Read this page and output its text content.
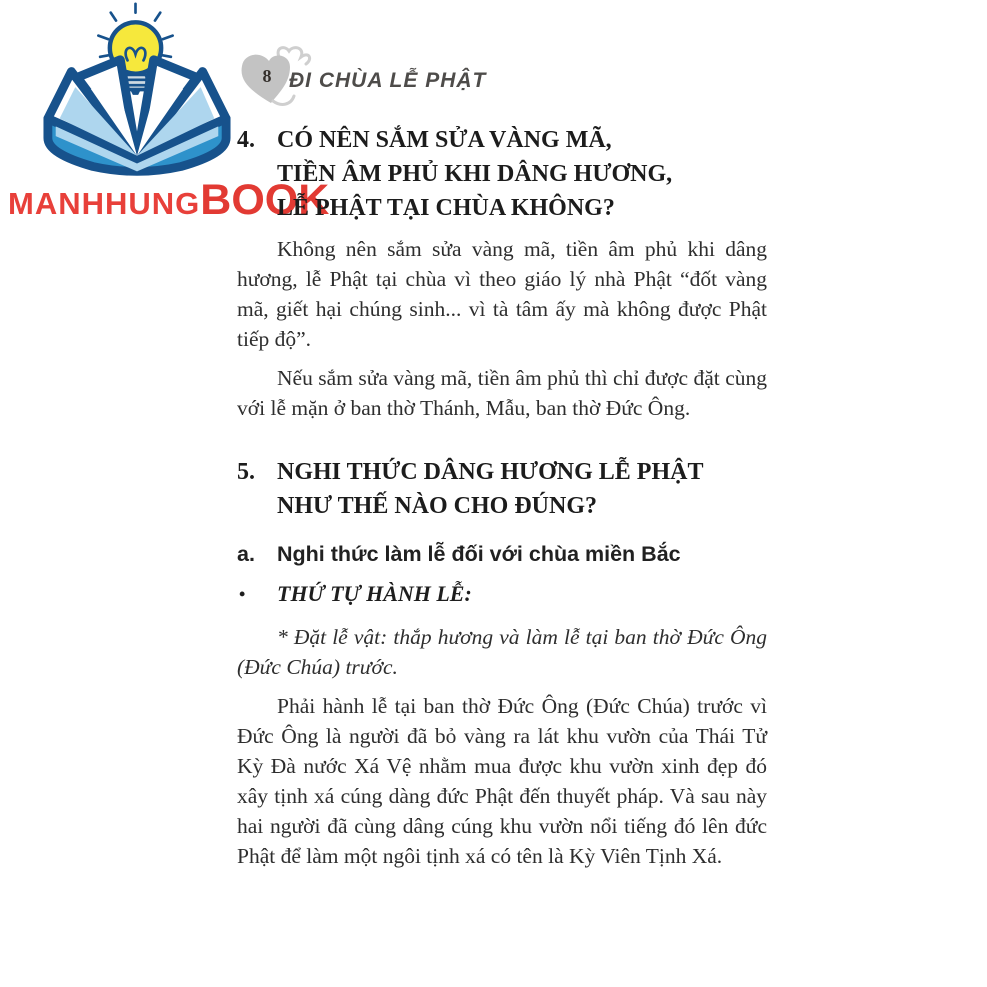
MANHHUNG BOOK
8 ĐI CHÙA LỄ PHẬT
4. CÓ NÊN SẮM SỬA VÀNG MÃ,
TIỀN ÂM PHỦ KHI DÂNG HƯƠNG,
LỄ PHẬT TẠI CHÙA KHÔNG?

Không nên sắm sửa vàng mã, tiền âm phủ khi dâng hương, lễ Phật tại chùa vì theo giáo lý nhà Phật “đốt vàng mã, giết hại chúng sinh... vì tà tâm ấy mà không được Phật tiếp độ”.

Nếu sắm sửa vàng mã, tiền âm phủ thì chỉ được đặt cùng với lễ mặn ở ban thờ Thánh, Mẫu, ban thờ Đức Ông.

5. NGHI THỨC DÂNG HƯƠNG LỄ PHẬT
NHƯ THẾ NÀO CHO ĐÚNG?
a.	Nghi thức làm lễ đối với chùa miền Bắc
•	THỨ TỰ HÀNH LỄ:

* Đặt lễ vật: thắp hương và làm lễ tại ban thờ Đức Ông (Đức Chúa) trước.

Phải hành lễ tại ban thờ Đức Ông (Đức Chúa) trước vì Đức Ông là người đã bỏ vàng ra lát khu vườn của Thái Tử Kỳ Đà nước Xá Vệ nhằm mua được khu vườn xinh đẹp đó xây tịnh xá cúng dàng đức Phật đến thuyết pháp. Và sau này hai người đã cùng dâng cúng khu vườn nổi tiếng đó lên đức Phật để làm một ngôi tịnh xá có tên là Kỳ Viên Tịnh Xá.
